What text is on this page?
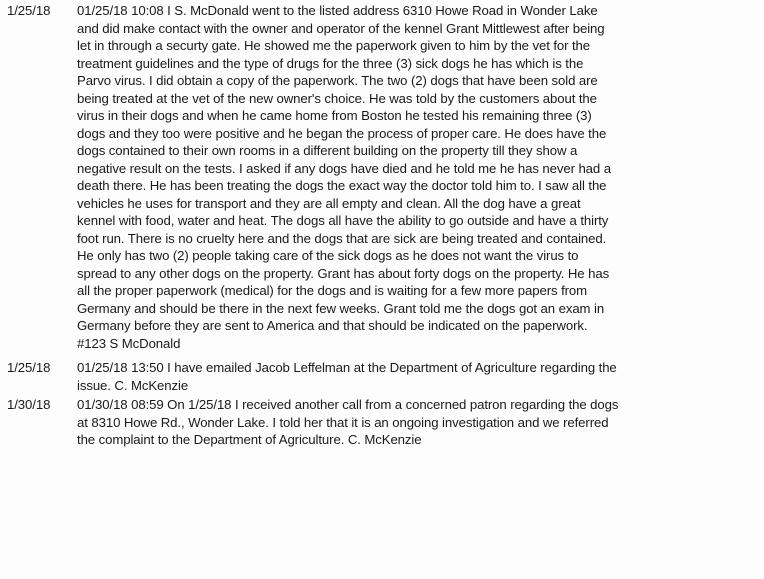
1/25/18	01/25/18 10:08 I S. McDonald went to the listed address 6310 Howe Road in Wonder Lake
and did make contact with the owner and operator of the kennel Grant Mittlewest after being
let in through a securty gate. He showed me the paperwork given to him by the vet for the
treatment guidelines and the type of drugs for the three (3) sick dogs he has which is the
Parvo virus. I did obtain a copy of the paperwork. The two (2) dogs that have been sold are
being treated at the vet of the new owner's choice. He was told by the customers about the
virus in their dogs and when he came home from Boston he tested his remaining three (3)
dogs and they too were positive and he began the process of proper care. He does have the
dogs contained to their own rooms in a different building on the property till they show a
negative result on the tests. I asked if any dogs have died and he told me he has never had a
death there. He has been treating the dogs the exact way the doctor told him to. I saw all the
vehicles he uses for transport and they are all empty and clean. All the dog have a great
kennel with food, water and heat. The dogs all have the ability to go outside and have a thirty
foot run. There is no cruelty here and the dogs that are sick are being treated and contained.
He only has two (2) people taking care of the sick dogs as he does not want the virus to
spread to any other dogs on the property. Grant has about forty dogs on the property. He has
all the proper paperwork (medical) for the dogs and is waiting for a few more papers from
Germany and should be there in the next few weeks. Grant told me the dogs got an exam in
Germany before they are sent to America and that should be indicated on the paperwork.
#123 S McDonald
1/25/18	01/25/18 13:50 I have emailed Jacob Leffelman at the Department of Agriculture regarding the
issue. C. McKenzie
1/30/18	01/30/18 08:59 On 1/25/18 I received another call from a concerned patron regarding the dogs
at 8310 Howe Rd., Wonder Lake. I told her that it is an ongoing investigation and we referred
the complaint to the Department of Agriculture. C. McKenzie
